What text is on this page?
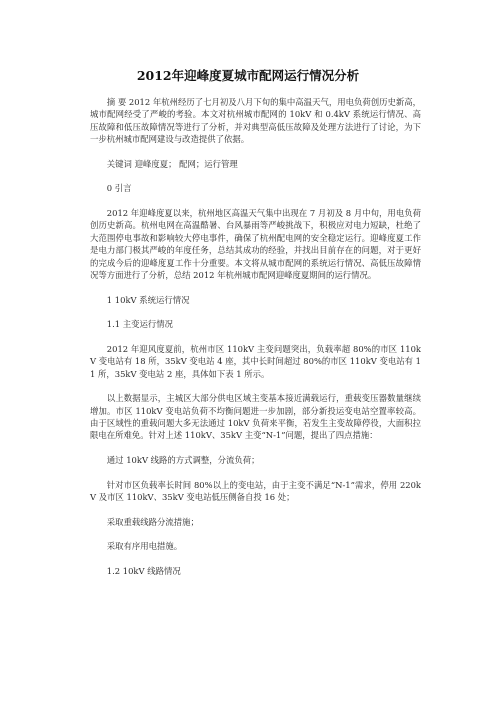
2012年迎峰度夏城市配网运行情况分析

摘 要 2012 年杭州经历了七月初及八月下旬的集中高温天气，用电负荷创历史新高，城市配网经受了严峻的考验。本文对杭州城市配网的 10kV 和 0.4kV 系统运行情况、高压故障和低压故障情况等进行了分析，并对典型高低压故障及处理方法进行了讨论，为下一步杭州城市配网建设与改造提供了依据。

关键词 迎峰度夏； 配网；运行管理

0 引言

2012 年迎峰度夏以来，杭州地区高温天气集中出现在 7 月初及 8 月中旬，用电负荷创历史新高。杭州电网在高温酷暑、台风暴雨等严峻挑战下，积极应对电力短缺，杜绝了大范围停电事故和影响较大停电事件，确保了杭州配电网的安全稳定运行。迎峰度夏工作是电力部门极其严峻的年度任务，总结其成功的经验，并找出目前存在的问题，对于更好的完成今后的迎峰度夏工作十分重要。本文将从城市配网的系统运行情况、高低压故障情况等方面进行了分析，总结 2012 年杭州城市配网迎峰度夏期间的运行情况。

1 10kV 系统运行情况

1.1 主变运行情况

2012 年迎风度夏前，杭州市区 110kV 主变问题突出，负载率超 80%的市区 110kV 变电站有 18 所，35kV 变电站 4 座，其中长时间超过 80%的市区 110kV 变电站有 11 所，35kV 变电站 2 座，具体如下表 1 所示。

以上数据显示，主城区大部分供电区域主变基本接近满载运行，重载变压器数量继续增加。市区 110kV 变电站负荷不均衡问题进一步加剧，部分新投运变电站空置率较高。由于区域性的重载问题大多无法通过 10kV 负荷来平衡，若发生主变故障停役，大面积拉限电在所难免。针对上述 110kV、35kV 主变“N-1”问题，提出了四点措施：

通过 10kV 线路的方式调整，分流负荷；

针对市区负载率长时间 80%以上的变电站，由于主变不满足“N-1”需求，停用 220kV 及市区 110kV、35kV 变电站低压侧备自投 16 处；

采取重载线路分流措施；

采取有序用电措施。

1.2 10kV 线路情况
